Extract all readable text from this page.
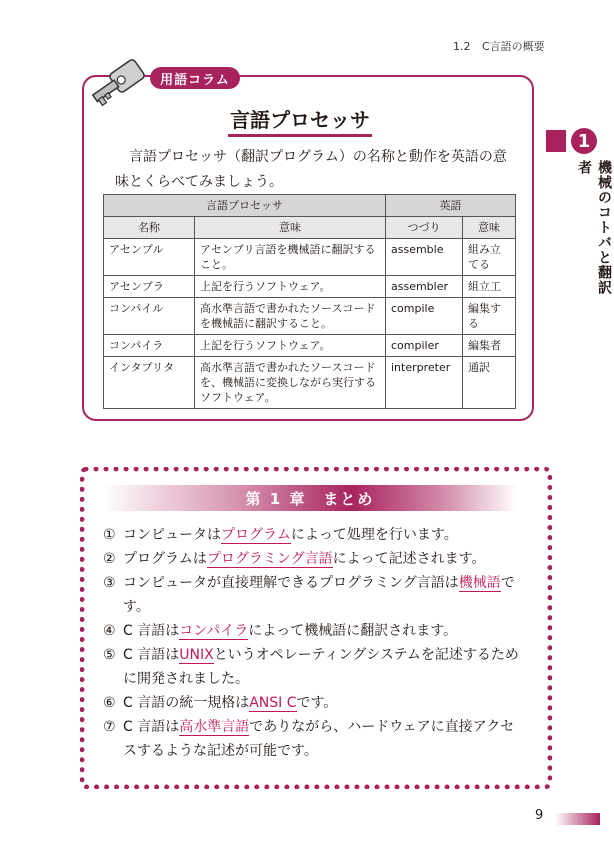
1.2 C言語の概要
用語コラム
言語プロセッサ
　言語プロセッサ（翻訳プログラム）の名称と動作を英語の意味とくらべてみましょう。
言語プロセッサ		英語	
名称	意味	つづり	意味
アセンブル	アセンブリ言語を機械語に翻訳すること。	assemble	組み立てる
アセンブラ	上記を行うソフトウェア。	assembler	組立工
コンパイル	高水準言語で書かれたソースコードを機械語に翻訳すること。	compile	編集する
コンパイラ	上記を行うソフトウェア。	compiler	編集者
インタプリタ	高水準言語で書かれたソースコードを、機械語に変換しながら実行するソフトウェア。	interpreter	通訳
1
機械のコトバと翻訳者
第 1 章　まとめ
① コンピュータはプログラムによって処理を行います。
② プログラムはプログラミング言語によって記述されます。
③ コンピュータが直接理解できるプログラミング言語は機械語です。
④ C 言語はコンパイラによって機械語に翻訳されます。
⑤ C 言語はUNIXというオペレーティングシステムを記述するために開発されました。
⑥ C 言語の統一規格はANSI Cです。
⑦ C 言語は高水準言語でありながら、ハードウェアに直接アクセスするような記述が可能です。
9
